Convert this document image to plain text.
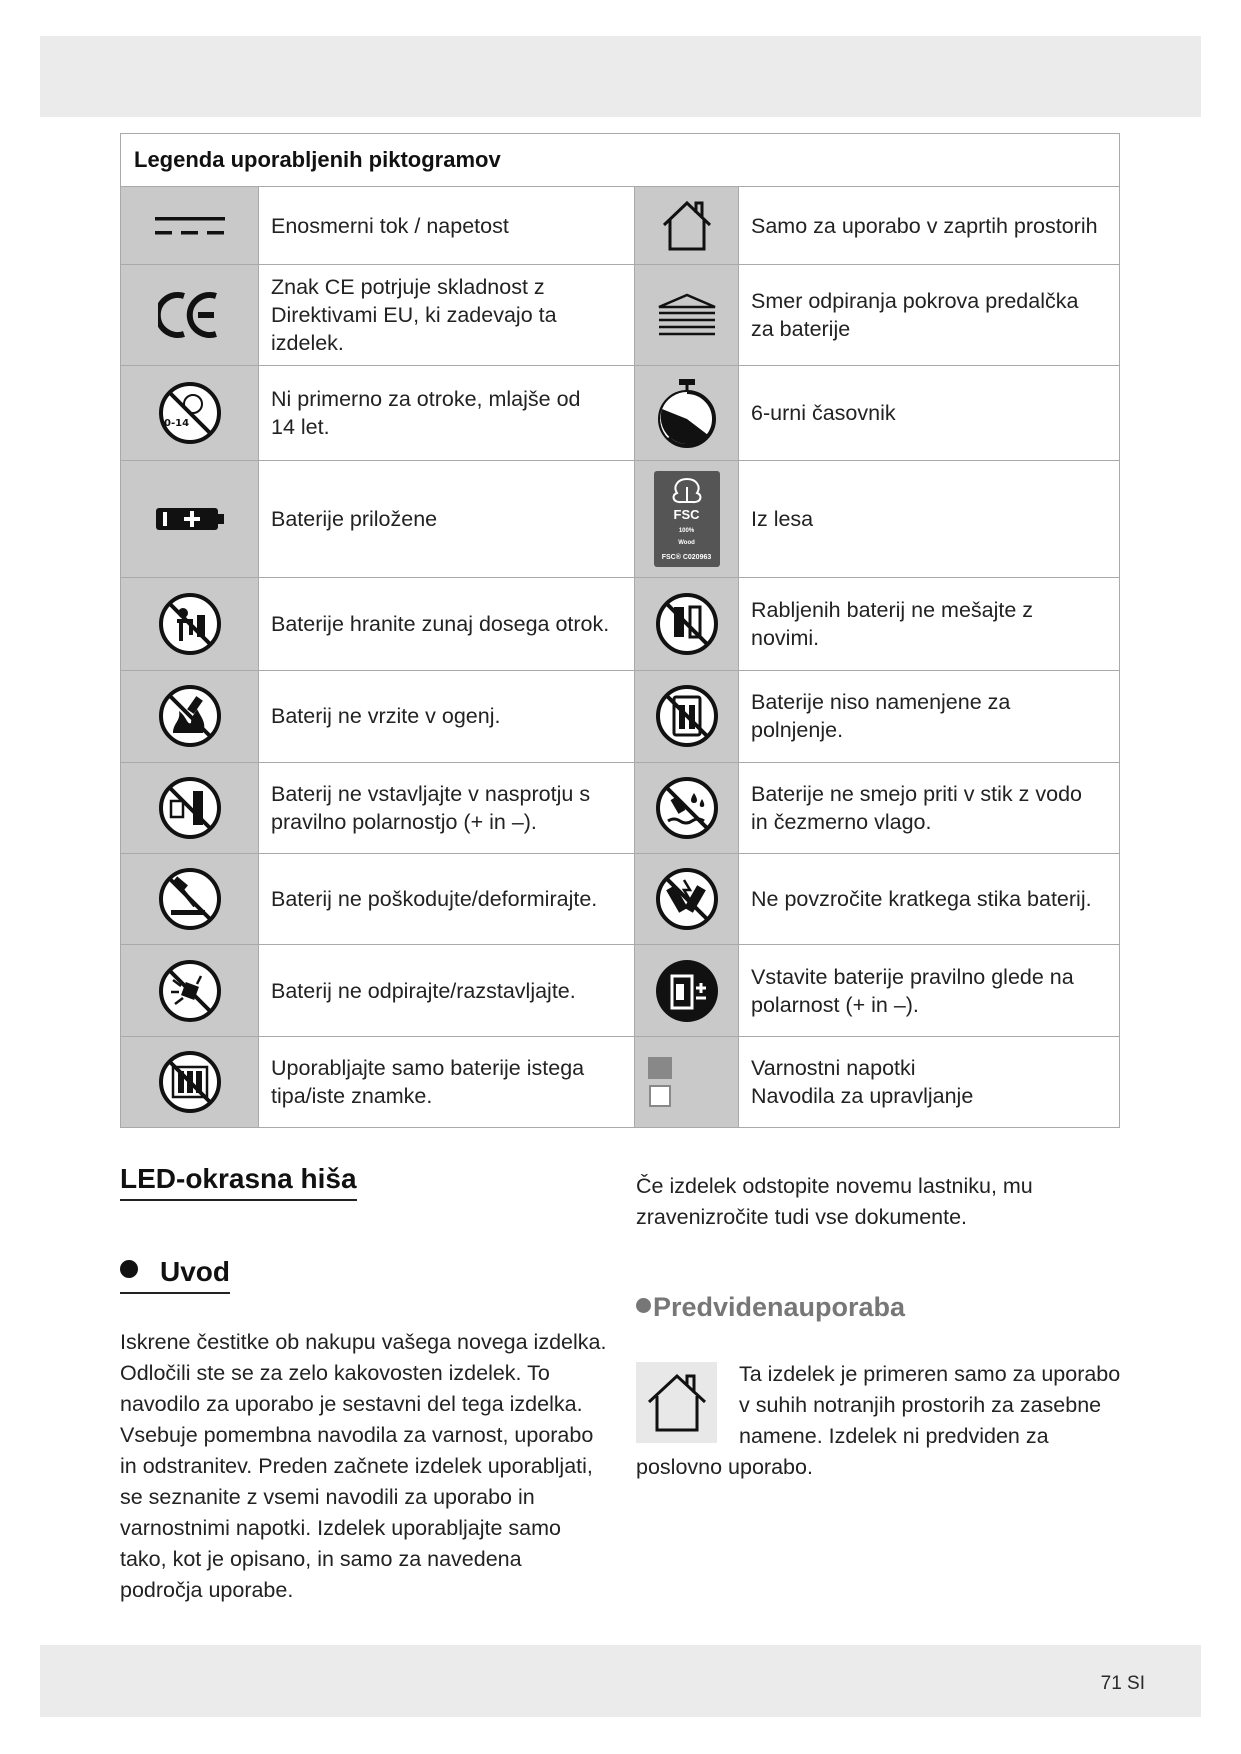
Legenda uporabljenih piktogramov			

Enosmerni tok / napetost		Samo za uporabo v zaprtih prostorih

Znak CE potrjuje skladnost z
Direktivami EU, ki zadevajo ta
izdelek.		Smer odpiranja pokrova predalčka
za baterije

0-14	Ni primerno za otroke, mlajše od
14 let.		6-urni časovnik

Baterije priložene	FSC
100%
Wood
FSC® C020963	Iz lesa

Baterije hranite zunaj dosega otrok.		Rabljenih baterij ne mešajte z novimi.

Baterij ne vrzite v ogenj.		Baterije niso namenjene za polnjenje.

Baterij ne vstavljajte v nasprotju s
pravilno polarnostjo (+ in –).		Baterije ne smejo priti v stik z vodo
in čezmerno vlago.

Baterij ne poškodujte/deformirajte.		Ne povzročite kratkega stika baterij.

Baterij ne odpirajte/razstavljajte.		Vstavite baterije pravilno glede na
polarnost (+ in –).

Uporabljajte samo baterije istega
tipa/iste znamke.		Varnostni napotki
Navodila za upravljanje
LED-okrasna hiša
Uvod
Iskrene čestitke ob nakupu vašega novega izdelka. Odločili ste se za zelo kakovosten izdelek. To navodilo za uporabo je sestavni del tega izdelka. Vsebuje pomembna navodila za varnost, uporabo in odstranitev. Preden začnete izdelek uporabljati, se seznanite z vsemi navodili za uporabo in varnostnimi napotki. Izdelek uporabljajte samo tako, kot je opisano, in samo za navedena področja uporabe.
Če izdelek odstopite novemu lastniku, mu zravenizročite tudi vse dokumente.
Predvidenauporaba
Ta izdelek je primeren samo za uporabo v suhih notranjih prostorih za zasebne namene. Izdelek ni predviden za poslovno uporabo.
71 SI
